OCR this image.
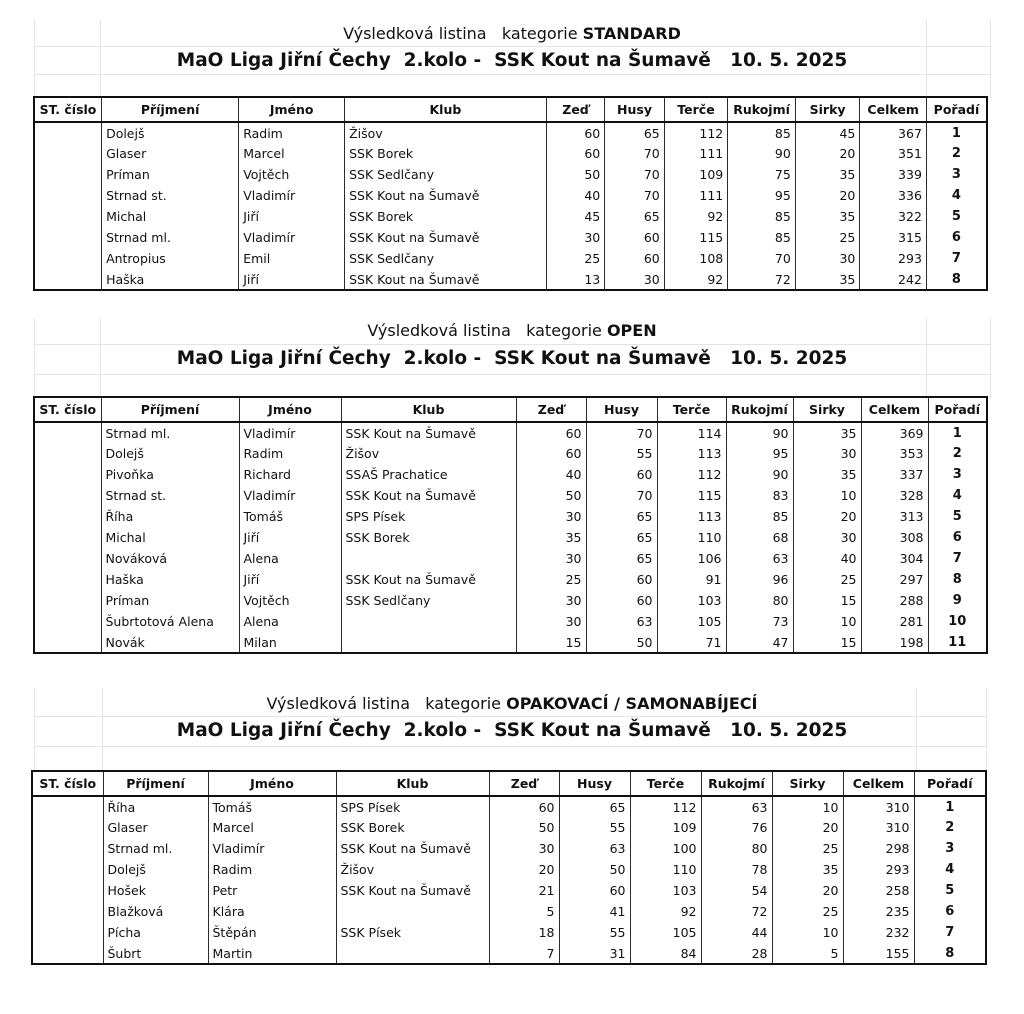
Výsledková listina kategorie STANDARD
MaO Liga Jiřní Čechy  2.kolo -  SSK Kout na Šumavě   10. 5. 2025
ST. číslo	Příjmení	Jméno	Klub	Zeď	Husy	Terče	Rukojmí	Sirky	Celkem	Pořadí
	Dolejš	Radim	Žišov	60	65	112	85	45	367	1
	Glaser	Marcel	SSK Borek	60	70	111	90	20	351	2
	Príman	Vojtěch	SSK Sedlčany	50	70	109	75	35	339	3
	Strnad st.	Vladimír	SSK Kout na Šumavě	40	70	111	95	20	336	4
	Michal	Jiří	SSK Borek	45	65	92	85	35	322	5
	Strnad ml.	Vladimír	SSK Kout na Šumavě	30	60	115	85	25	315	6
	Antropius	Emil	SSK Sedlčany	25	60	108	70	30	293	7
	Haška	Jiří	SSK Kout na Šumavě	13	30	92	72	35	242	8
Výsledková listina kategorie OPEN
MaO Liga Jiřní Čechy  2.kolo -  SSK Kout na Šumavě   10. 5. 2025
ST. číslo	Příjmení	Jméno	Klub	Zeď	Husy	Terče	Rukojmí	Sirky	Celkem	Pořadí
	Strnad ml.	Vladimír	SSK Kout na Šumavě	60	70	114	90	35	369	1
	Dolejš	Radim	Žišov	60	55	113	95	30	353	2
	Pivoňka	Richard	SSAŠ Prachatice	40	60	112	90	35	337	3
	Strnad st.	Vladimír	SSK Kout na Šumavě	50	70	115	83	10	328	4
	Říha	Tomáš	SPS Písek	30	65	113	85	20	313	5
	Michal	Jiří	SSK Borek	35	65	110	68	30	308	6
	Nováková	Alena		30	65	106	63	40	304	7
	Haška	Jiří	SSK Kout na Šumavě	25	60	91	96	25	297	8
	Príman	Vojtěch	SSK Sedlčany	30	60	103	80	15	288	9
	Šubrtotová Alena	Alena		30	63	105	73	10	281	10
	Novák	Milan		15	50	71	47	15	198	11
Výsledková listina kategorie OPAKOVACÍ / SAMONABÍJECÍ
MaO Liga Jiřní Čechy  2.kolo -  SSK Kout na Šumavě   10. 5. 2025
ST. číslo	Příjmení	Jméno	Klub	Zeď	Husy	Terče	Rukojmí	Sirky	Celkem	Pořadí
	Říha	Tomáš	SPS Písek	60	65	112	63	10	310	1
	Glaser	Marcel	SSK Borek	50	55	109	76	20	310	2
	Strnad ml.	Vladimír	SSK Kout na Šumavě	30	63	100	80	25	298	3
	Dolejš	Radim	Žišov	20	50	110	78	35	293	4
	Hošek	Petr	SSK Kout na Šumavě	21	60	103	54	20	258	5
	Blažková	Klára		5	41	92	72	25	235	6
	Pícha	Štěpán	SSK Písek	18	55	105	44	10	232	7
	Šubrt	Martin		7	31	84	28	5	155	8
